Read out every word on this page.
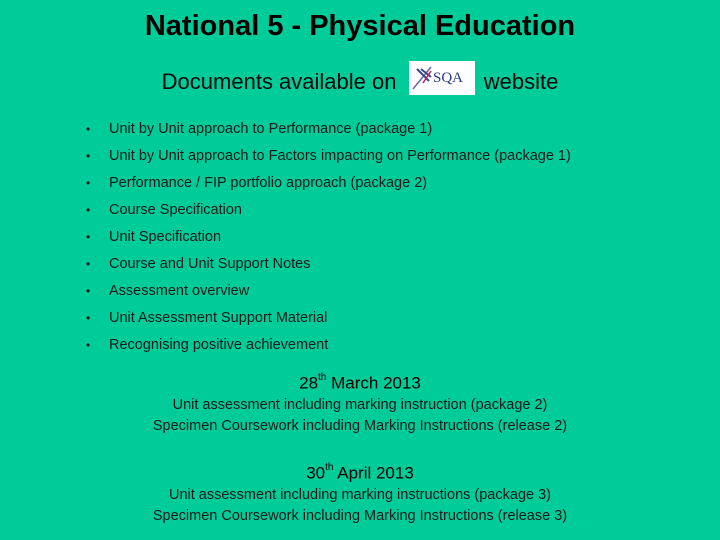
National 5 - Physical Education
Documents available on SQA website
•	Unit by Unit approach to Performance (package 1)
•	Unit by Unit approach to Factors impacting on Performance (package 1)
•	Performance / FIP portfolio approach (package 2)
•	Course Specification
•	Unit Specification
•	Course and Unit Support Notes
•	Assessment overview
•	Unit Assessment Support Material
•	Recognising positive achievement
28th March 2013
Unit assessment including marking instruction (package 2)
Specimen Coursework including Marking Instructions (release 2)
30th April 2013
Unit assessment including marking instructions (package 3)
Specimen Coursework including Marking Instructions (release 3)
